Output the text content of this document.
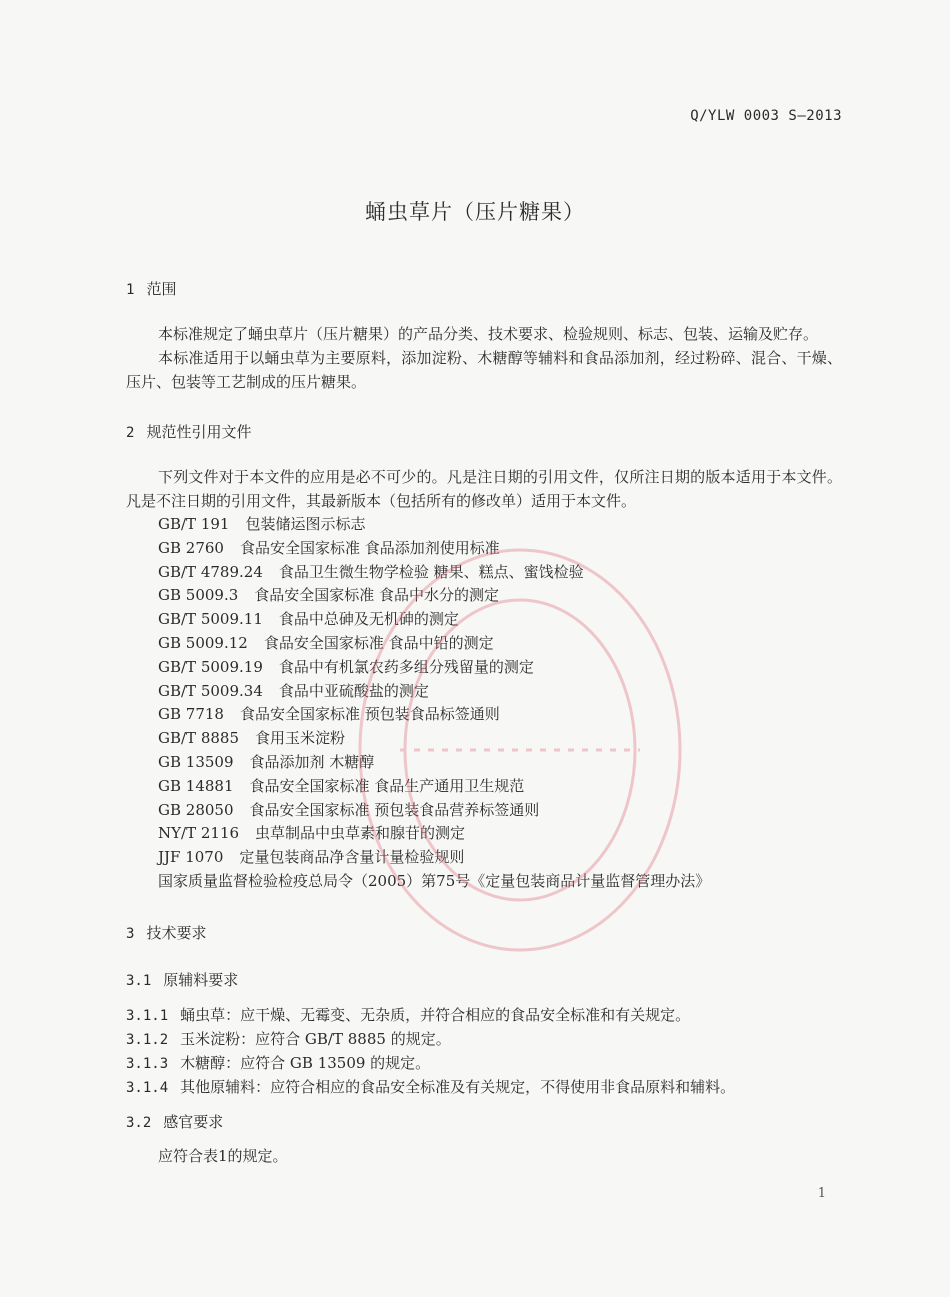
Q/YLW 0003 S—2013
蛹虫草片（压片糖果）
1 范围
本标准规定了蛹虫草片（压片糖果）的产品分类、技术要求、检验规则、标志、包装、运输及贮存。
本标准适用于以蛹虫草为主要原料，添加淀粉、木糖醇等辅料和食品添加剂，经过粉碎、混合、干燥、压片、包装等工艺制成的压片糖果。
2 规范性引用文件
下列文件对于本文件的应用是必不可少的。凡是注日期的引用文件，仅所注日期的版本适用于本文件。凡是不注日期的引用文件，其最新版本（包括所有的修改单）适用于本文件。
GB/T 191 包装储运图示标志
GB 2760 食品安全国家标准 食品添加剂使用标准
GB/T 4789.24 食品卫生微生物学检验 糖果、糕点、蜜饯检验
GB 5009.3 食品安全国家标准 食品中水分的测定
GB/T 5009.11 食品中总砷及无机砷的测定
GB 5009.12 食品安全国家标准 食品中铅的测定
GB/T 5009.19 食品中有机氯农药多组分残留量的测定
GB/T 5009.34 食品中亚硫酸盐的测定
GB 7718 食品安全国家标准 预包装食品标签通则
GB/T 8885 食用玉米淀粉
GB 13509 食品添加剂 木糖醇
GB 14881 食品安全国家标准 食品生产通用卫生规范
GB 28050 食品安全国家标准 预包装食品营养标签通则
NY/T 2116 虫草制品中虫草素和腺苷的测定
JJF 1070 定量包装商品净含量计量检验规则
国家质量监督检验检疫总局令（2005）第75号《定量包装商品计量监督管理办法》
3 技术要求
3.1 原辅料要求
3.1.1 蛹虫草：应干燥、无霉变、无杂质，并符合相应的食品安全标准和有关规定。
3.1.2 玉米淀粉：应符合 GB/T 8885 的规定。
3.1.3 木糖醇：应符合 GB 13509 的规定。
3.1.4 其他原辅料：应符合相应的食品安全标准及有关规定，不得使用非食品原料和辅料。
3.2 感官要求
应符合表1的规定。
1
